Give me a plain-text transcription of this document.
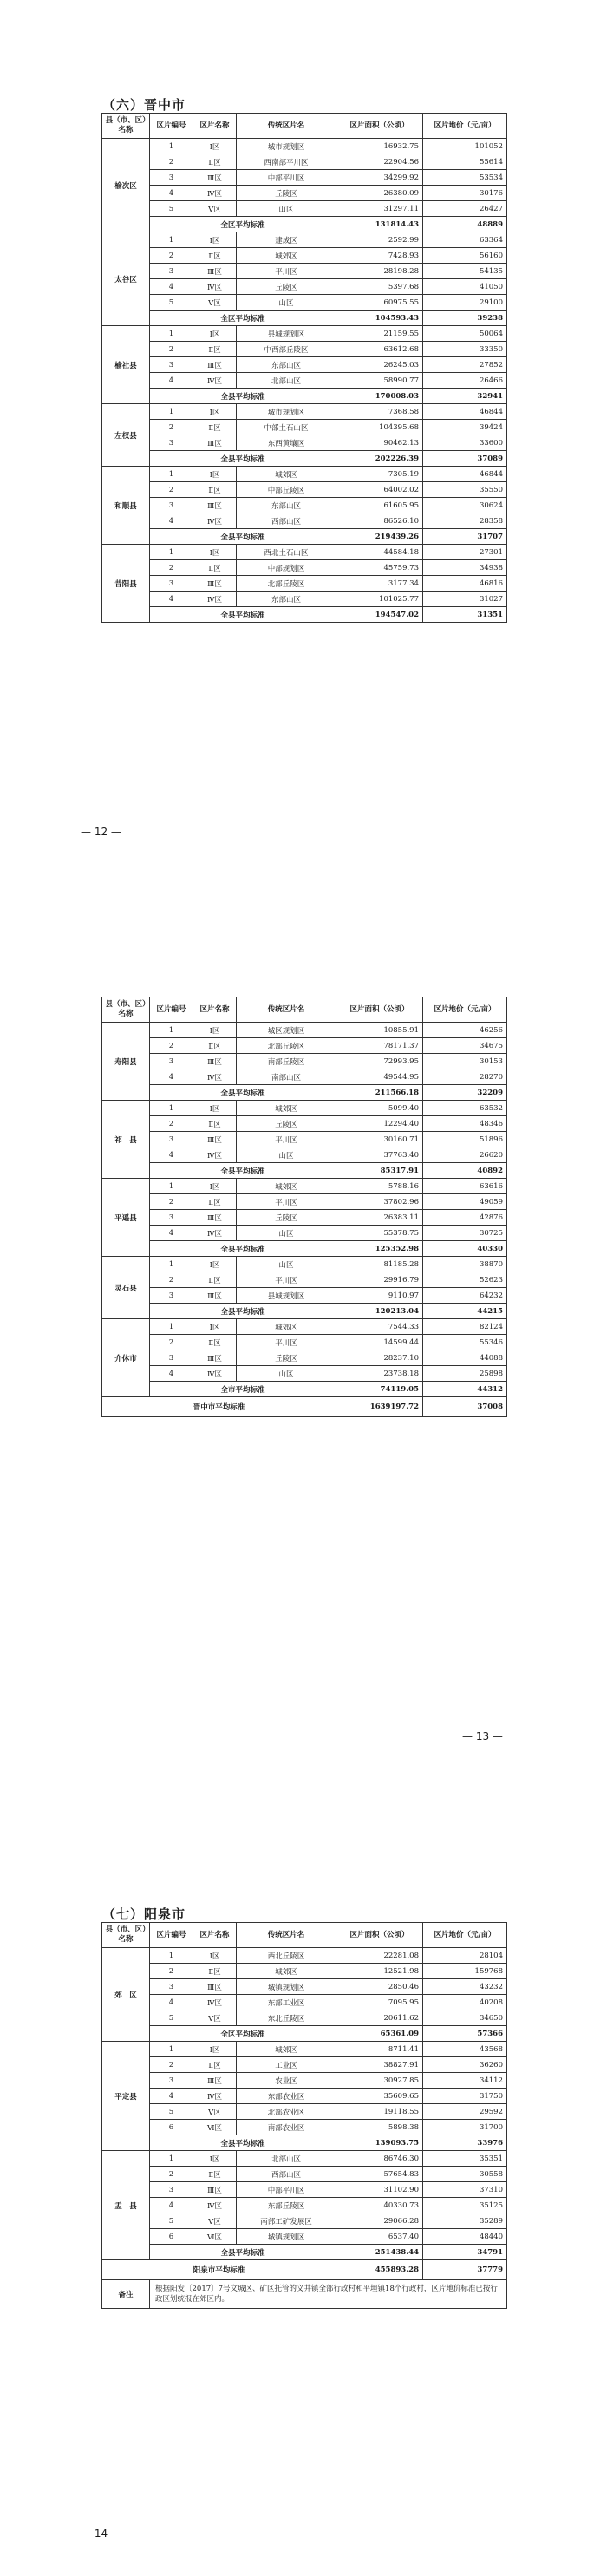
（六）晋中市
县（市、区）名称	区片编号	区片名称	传统区片名	区片面积（公顷）	区片地价（元/亩）
榆次区	1	Ⅰ区	城市规划区	16932.75	101052
	2	Ⅱ区	西南部平川区	22904.56	55614
	3	Ⅲ区	中部平川区	34299.92	53534
	4	Ⅳ区	丘陵区	26380.09	30176
	5	Ⅴ区	山区	31297.11	26427
	全区平均标准			131814.43	48889
太谷区	1	Ⅰ区	建成区	2592.99	63364
	2	Ⅱ区	城郊区	7428.93	56160
	3	Ⅲ区	平川区	28198.28	54135
	4	Ⅳ区	丘陵区	5397.68	41050
	5	Ⅴ区	山区	60975.55	29100
	全区平均标准			104593.43	39238
榆社县	1	Ⅰ区	县城规划区	21159.55	50064
	2	Ⅱ区	中西部丘陵区	63612.68	33350
	3	Ⅲ区	东部山区	26245.03	27852
	4	Ⅳ区	北部山区	58990.77	26466
	全县平均标准			170008.03	32941
左权县	1	Ⅰ区	城市规划区	7368.58	46844
	2	Ⅱ区	中部土石山区	104395.68	39424
	3	Ⅲ区	东西黄壤区	90462.13	33600
	全县平均标准			202226.39	37089
和顺县	1	Ⅰ区	城郊区	7305.19	46844
	2	Ⅱ区	中部丘陵区	64002.02	35550
	3	Ⅲ区	东部山区	61605.95	30624
	4	Ⅳ区	西部山区	86526.10	28358
	全县平均标准			219439.26	31707
昔阳县	1	Ⅰ区	西北土石山区	44584.18	27301
	2	Ⅱ区	中部规划区	45759.73	34938
	3	Ⅲ区	北部丘陵区	3177.34	46816
	4	Ⅳ区	东部山区	101025.77	31027
	全县平均标准			194547.02	31351
— 12 —
县（市、区）名称	区片编号	区片名称	传统区片名	区片面积（公顷）	区片地价（元/亩）
寿阳县	1	Ⅰ区	城区规划区	10855.91	46256
	2	Ⅱ区	北部丘陵区	78171.37	34675
	3	Ⅲ区	南部丘陵区	72993.95	30153
	4	Ⅳ区	南部山区	49544.95	28270
	全县平均标准			211566.18	32209
祁　县	1	Ⅰ区	城郊区	5099.40	63532
	2	Ⅱ区	丘陵区	12294.40	48346
	3	Ⅲ区	平川区	30160.71	51896
	4	Ⅳ区	山区	37763.40	26620
	全县平均标准			85317.91	40892
平遥县	1	Ⅰ区	城郊区	5788.16	63616
	2	Ⅱ区	平川区	37802.96	49059
	3	Ⅲ区	丘陵区	26383.11	42876
	4	Ⅳ区	山区	55378.75	30725
	全县平均标准			125352.98	40330
灵石县	1	Ⅰ区	山区	81185.28	38870
	2	Ⅱ区	平川区	29916.79	52623
	3	Ⅲ区	县城规划区	9110.97	64232
	全县平均标准			120213.04	44215
介休市	1	Ⅰ区	城郊区	7544.33	82124
	2	Ⅱ区	平川区	14599.44	55346
	3	Ⅲ区	丘陵区	28237.10	44088
	4	Ⅳ区	山区	23738.18	25898
	全市平均标准			74119.05	44312
晋中市平均标准				1639197.72	37008
— 13 —
（七）阳泉市
县（市、区）名称	区片编号	区片名称	传统区片名	区片面积（公顷）	区片地价（元/亩）
郊　区	1	Ⅰ区	西北丘陵区	22281.08	28104
	2	Ⅱ区	城郊区	12521.98	159768
	3	Ⅲ区	城镇规划区	2850.46	43232
	4	Ⅳ区	东部工业区	7095.95	40208
	5	Ⅴ区	东北丘陵区	20611.62	34650
	全区平均标准			65361.09	57366
平定县	1	Ⅰ区	城郊区	8711.41	43568
	2	Ⅱ区	工业区	38827.91	36260
	3	Ⅲ区	农业区	30927.85	34112
	4	Ⅳ区	东部农业区	35609.65	31750
	5	Ⅴ区	北部农业区	19118.55	29592
	6	Ⅵ区	南部农业区	5898.38	31700
	全县平均标准			139093.75	33976
盂　县	1	Ⅰ区	北部山区	86746.30	35351
	2	Ⅱ区	西部山区	57654.83	30558
	3	Ⅲ区	中部平川区	31102.90	37310
	4	Ⅳ区	东部丘陵区	40330.73	35125
	5	Ⅴ区	南部工矿发展区	29066.28	35289
	6	Ⅵ区	城镇规划区	6537.40	48440
	全县平均标准			251438.44	34791
阳泉市平均标准				455893.28	37779
备注	根据阳发〔2017〕7号文城区、矿区托管的义井镇全部行政村和平坦镇18个行政村，区片地价标准已按行政区划统报在郊区内。				
— 14 —
